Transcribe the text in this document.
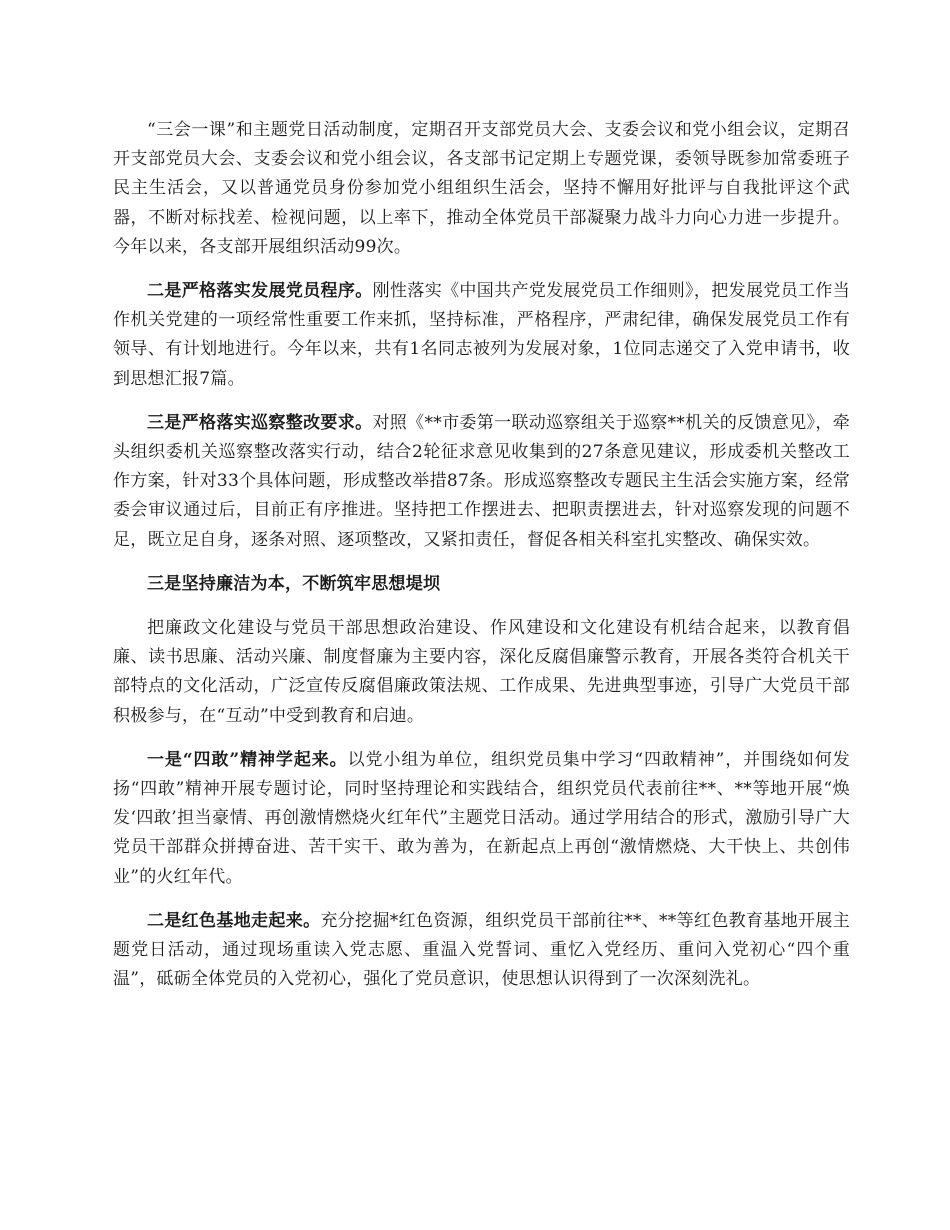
“三会一课”和主题党日活动制度，定期召开支部党员大会、支委会议和党小组会议，定期召开支部党员大会、支委会议和党小组会议，各支部书记定期上专题党课，委领导既参加常委班子民主生活会，又以普通党员身份参加党小组组织生活会，坚持不懈用好批评与自我批评这个武器，不断对标找差、检视问题，以上率下，推动全体党员干部凝聚力战斗力向心力进一步提升。今年以来，各支部开展组织活动99次。

二是严格落实发展党员程序。刚性落实《中国共产党发展党员工作细则》，把发展党员工作当作机关党建的一项经常性重要工作来抓，坚持标准，严格程序，严肃纪律，确保发展党员工作有领导、有计划地进行。今年以来，共有1名同志被列为发展对象，1位同志递交了入党申请书，收到思想汇报7篇。

三是严格落实巡察整改要求。对照《**市委第一联动巡察组关于巡察**机关的反馈意见》，牵头组织委机关巡察整改落实行动，结合2轮征求意见收集到的27条意见建议，形成委机关整改工作方案，针对33个具体问题，形成整改举措87条。形成巡察整改专题民主生活会实施方案，经常委会审议通过后，目前正有序推进。坚持把工作摆进去、把职责摆进去，针对巡察发现的问题不足，既立足自身，逐条对照、逐项整改，又紧扣责任，督促各相关科室扎实整改、确保实效。

三是坚持廉洁为本，不断筑牢思想堤坝

把廉政文化建设与党员干部思想政治建设、作风建设和文化建设有机结合起来，以教育倡廉、读书思廉、活动兴廉、制度督廉为主要内容，深化反腐倡廉警示教育，开展各类符合机关干部特点的文化活动，广泛宣传反腐倡廉政策法规、工作成果、先进典型事迹，引导广大党员干部积极参与，在“互动”中受到教育和启迪。

一是“四敢”精神学起来。以党小组为单位，组织党员集中学习“四敢精神”，并围绕如何发扬“四敢”精神开展专题讨论，同时坚持理论和实践结合，组织党员代表前往**、**等地开展“焕发‘四敢’担当豪情、再创激情燃烧火红年代”主题党日活动。通过学用结合的形式，激励引导广大党员干部群众拼搏奋进、苦干实干、敢为善为，在新起点上再创“激情燃烧、大干快上、共创伟业”的火红年代。

二是红色基地走起来。充分挖掘*红色资源，组织党员干部前往**、**等红色教育基地开展主题党日活动，通过现场重读入党志愿、重温入党誓词、重忆入党经历、重问入党初心“四个重温”，砥砺全体党员的入党初心，强化了党员意识，使思想认识得到了一次深刻洗礼。
